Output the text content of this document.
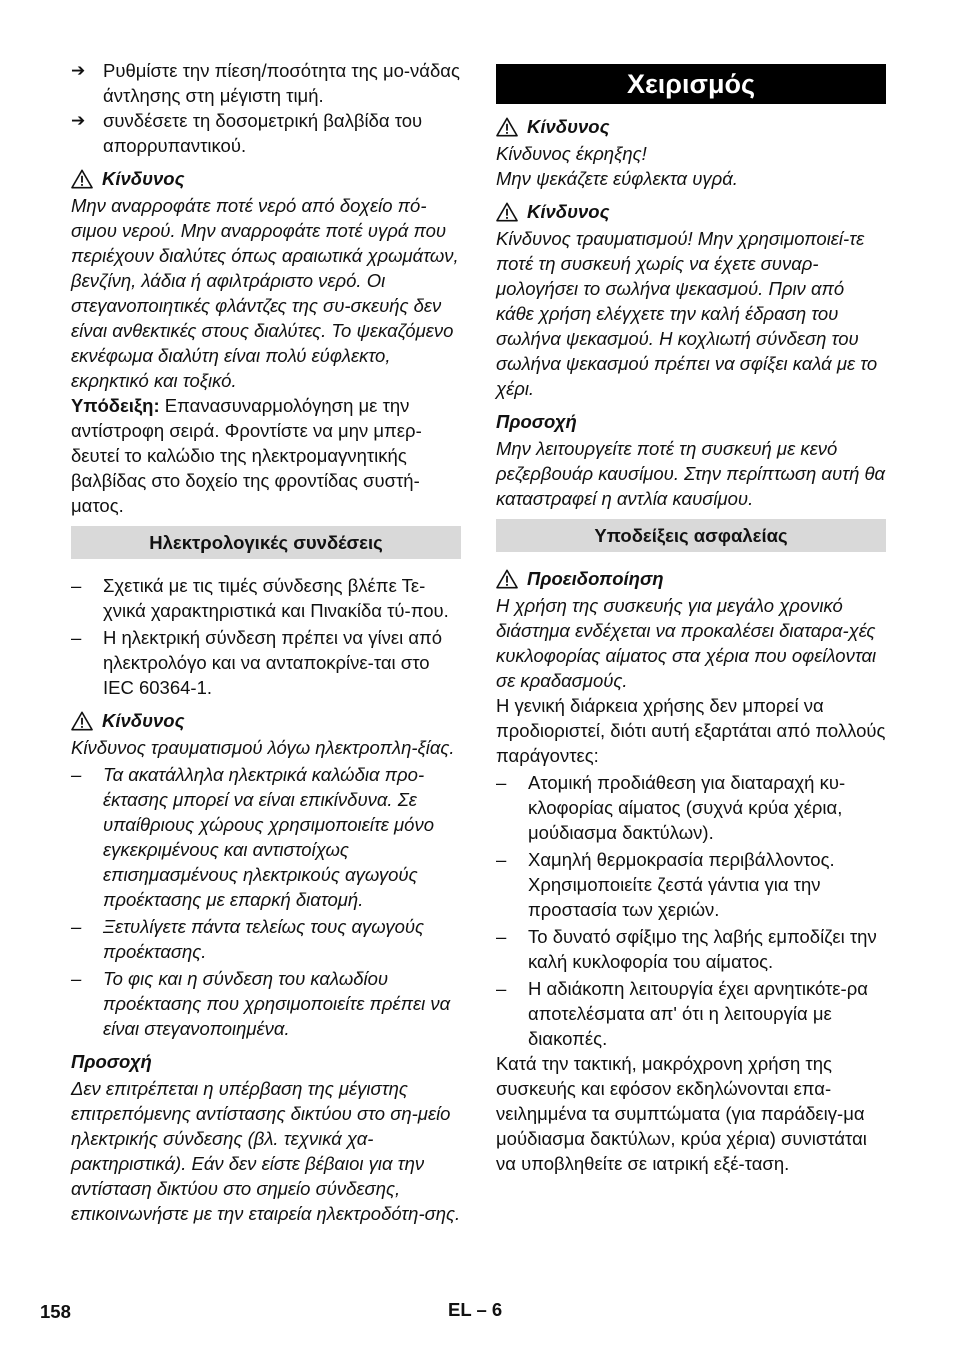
➔ Ρυθμίστε την πίεση/ποσότητα της μο-νάδας άντλησης στη μέγιστη τιμή.
➔ συνδέσετε τη δοσομετρική βαλβίδα του απορρυπαντικού.
Κίνδυνος

Μην αναρροφάτε ποτέ νερό από δοχείο πό-σιμου νερού. Μην αναρροφάτε ποτέ υγρά που περιέχουν διαλύτες όπως αραιωτικά χρωμάτων, βενζίνη, λάδια ή αφιλτράριστο νερό. Οι στεγανοποιητικές φλάντζες της συ-σκευής δεν είναι ανθεκτικές στους διαλύτες. Το ψεκαζόμενο εκνέφωμα διαλύτη είναι πολύ εύφλεκτο, εκρηκτικό και τοξικό.

Υπόδειξη: Επανασυναρμολόγηση με την αντίστροφη σειρά. Φροντίστε να μην μπερ-δευτεί το καλώδιο της ηλεκτρομαγνητικής βαλβίδας στο δοχείο της φροντίδας συστή-ματος.

Ηλεκτρολογικές συνδέσεις
– Σχετικά με τις τιμές σύνδεσης βλέπε Τε-χνικά χαρακτηριστικά και Πινακίδα τύ-που.
– Η ηλεκτρική σύνδεση πρέπει να γίνει από ηλεκτρολόγο και να ανταποκρίνε-ται στο IEC 60364-1.
Κίνδυνος

Κίνδυνος τραυματισμού λόγω ηλεκτροπλη-ξίας.

– Τα ακατάλληλα ηλεκτρικά καλώδια προ-έκτασης μπορεί να είναι επικίνδυνα. Σε υπαίθριους χώρους χρησιμοποιείτε μόνο εγκεκριμένους και αντιστοίχως επισημασμένους ηλεκτρικούς αγωγούς προέκτασης με επαρκή διατομή.
– Ξετυλίγετε πάντα τελείως τους αγωγούς προέκτασης.
– Το φις και η σύνδεση του καλωδίου προέκτασης που χρησιμοποιείτε πρέπει να είναι στεγανοποιημένα.
Προσοχή

Δεν επιτρέπεται η υπέρβαση της μέγιστης επιτρεπόμενης αντίστασης δικτύου στο ση-μείο ηλεκτρικής σύνδεσης (βλ. τεχνικά χα-ρακτηριστικά). Εάν δεν είστε βέβαιοι για την αντίσταση δικτύου στο σημείο σύνδεσης, επικοινωνήστε με την εταιρεία ηλεκτροδότη-σης.

Χειρισμός
Κίνδυνος

Κίνδυνος έκρηξης!

Μην ψεκάζετε εύφλεκτα υγρά.

Κίνδυνος

Κίνδυνος τραυματισμού! Μην χρησιμοποιεί-τε ποτέ τη συσκευή χωρίς να έχετε συναρ-μολογήσει το σωλήνα ψεκασμού. Πριν από κάθε χρήση ελέγχετε την καλή έδραση του σωλήνα ψεκασμού. Η κοχλιωτή σύνδεση του σωλήνα ψεκασμού πρέπει να σφίξει καλά με το χέρι.

Προσοχή

Μην λειτουργείτε ποτέ τη συσκευή με κενό ρεζερβουάρ καυσίμου. Στην περίπτωση αυτή θα καταστραφεί η αντλία καυσίμου.

Υποδείξεις ασφαλείας
Προειδοποίηση

Η χρήση της συσκευής για μεγάλο χρονικό διάστημα ενδέχεται να προκαλέσει διαταρα-χές κυκλοφορίας αίματος στα χέρια που οφείλονται σε κραδασμούς.

Η γενική διάρκεια χρήσης δεν μπορεί να προδιοριστεί, διότι αυτή εξαρτάται από πολλούς παράγοντες:

– Ατομική προδιάθεση για διαταραχή κυ-κλοφορίας αίματος (συχνά κρύα χέρια, μούδιασμα δακτύλων).
– Χαμηλή θερμοκρασία περιβάλλοντος. Χρησιμοποιείτε ζεστά γάντια για την προστασία των χεριών.
– Το δυνατό σφίξιμο της λαβής εμποδίζει την καλή κυκλοφορία του αίματος.
– Η αδιάκοπη λειτουργία έχει αρνητικότε-ρα αποτελέσματα απ' ότι η λειτουργία με διακοπές.

Κατά την τακτική, μακρόχρονη χρήση της συσκευής και εφόσον εκδηλώνονται επα-νειλημμένα τα συμπτώματα (για παράδειγ-μα μούδιασμα δακτύλων, κρύα χέρια) συνιστάται να υποβληθείτε σε ιατρική εξέ-ταση.

158	EL – 6
